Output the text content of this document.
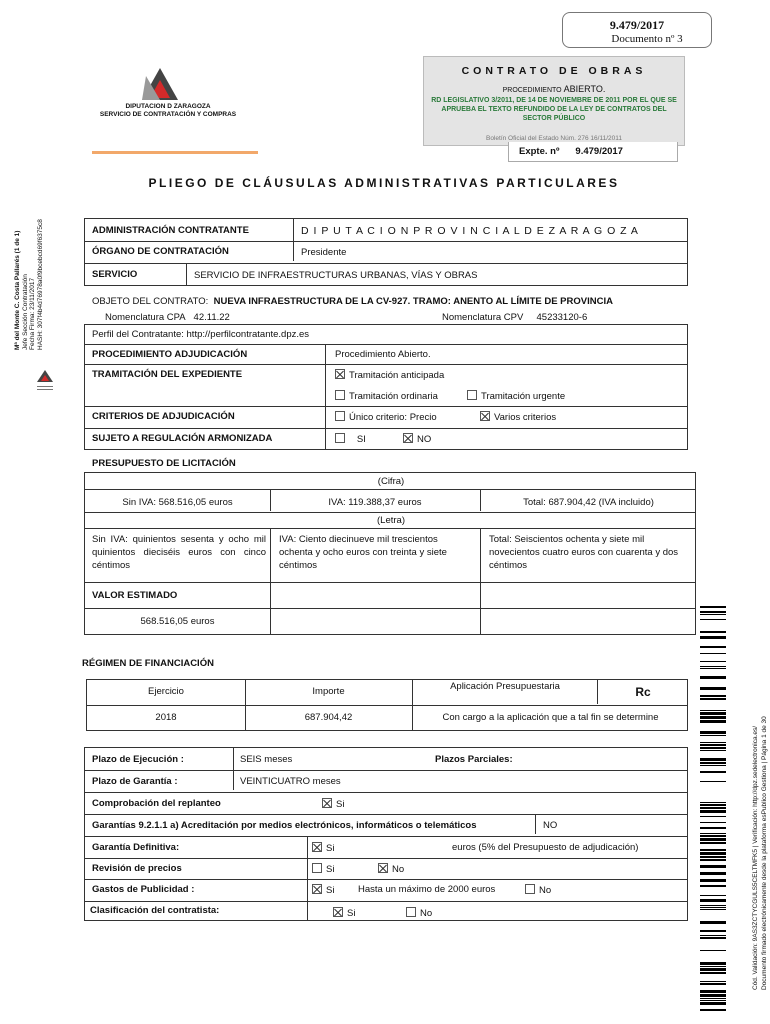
9.479/2017
Documento nº 3
DIPUTACION D ZARAGOZA
SERVICIO DE CONTRATACIÓN Y COMPRAS
CONTRATO DE OBRAS
PROCEDIMIENTO ABIERTO.
RD LEGISLATIVO 3/2011, DE 14 DE NOVIEMBRE DE 2011 POR EL QUE SE APRUEBA EL TEXTO REFUNDIDO DE LA LEY DE CONTRATOS DEL SECTOR PÚBLICO
Boletín Oficial del Estado Núm. 276 16/11/2011
Expte. nº 9.479/2017
PLIEGO DE CLÁUSULAS ADMINISTRATIVAS PARTICULARES
Mª del Monte C. Costa Pallarés (1 de 1) Jefe Sección Contratación Fecha Firma: 23/11/2017 HASH: 307f4b4d76978a0f9bcebcd69f6375c8
Cód. Validación: 9AS3ZCTYCGULS5CELTMFK5 | Verificación: http://dpz.sedelectronica.es/ Documento firmado electrónicamente desde la plataforma esPublico Gestiona | Página 1 de 30
ADMINISTRACIÓN CONTRATANTE	D I P U T A C I O N P R O V I N C I A L D E Z A R A G O Z A
ÓRGANO DE CONTRATACIÓN	Presidente
SERVICIO	SERVICIO DE INFRAESTRUCTURAS URBANAS, VÍAS Y OBRAS
OBJETO DEL CONTRATO: NUEVA INFRAESTRUCTURA DE LA CV-927. TRAMO: ANENTO AL LÍMITE DE PROVINCIA
Nomenclatura CPA 42.11.22	Nomenclatura CPV 45233120-6
Perfil del Contratante: http://perfilcontratante.dpz.es
PROCEDIMIENTO ADJUDICACIÓN	Procedimiento Abierto.
TRAMITACIÓN DEL EXPEDIENTE	Tramitación anticipada
Tramitación ordinaria	Tramitación urgente
CRITERIOS DE ADJUDICACIÓN	Único criterio: Precio	Varios criterios
SUJETO A REGULACIÓN ARMONIZADA	SI	NO
PRESUPUESTO DE LICITACIÓN
(Cifra)
Sin IVA: 568.516,05 euros	IVA: 119.388,37 euros	Total: 687.904,42 (IVA incluido)
(Letra)
Sin IVA: quinientos sesenta y ocho mil quinientos dieciséis euros con cinco céntimos
IVA: Ciento diecinueve mil trescientos ochenta y ocho euros con treinta y siete céntimos
Total: Seiscientos ochenta y siete mil novecientos cuatro euros con cuarenta y dos céntimos
VALOR ESTIMADO
568.516,05 euros
RÉGIMEN DE FINANCIACIÓN
Ejercicio	Importe	Aplicación Presupuestaria	Rc
2018	687.904,42	Con cargo a la aplicación que a tal fin se determine
Plazo de Ejecución :	SEIS meses	Plazos Parciales:
Plazo de Garantía :	VEINTICUATRO meses
Comprobación del replanteo	Si
Garantías 9.2.1.1 a) Acreditación por medios electrónicos, informáticos o telemáticos	NO
Garantía Definitiva:	Si	euros (5% del Presupuesto de adjudicación)
Revisión de precios	Si	No
Gastos de Publicidad :	Si Hasta un máximo de 2000 euros	No
Clasificación del contratista:	Si	No
